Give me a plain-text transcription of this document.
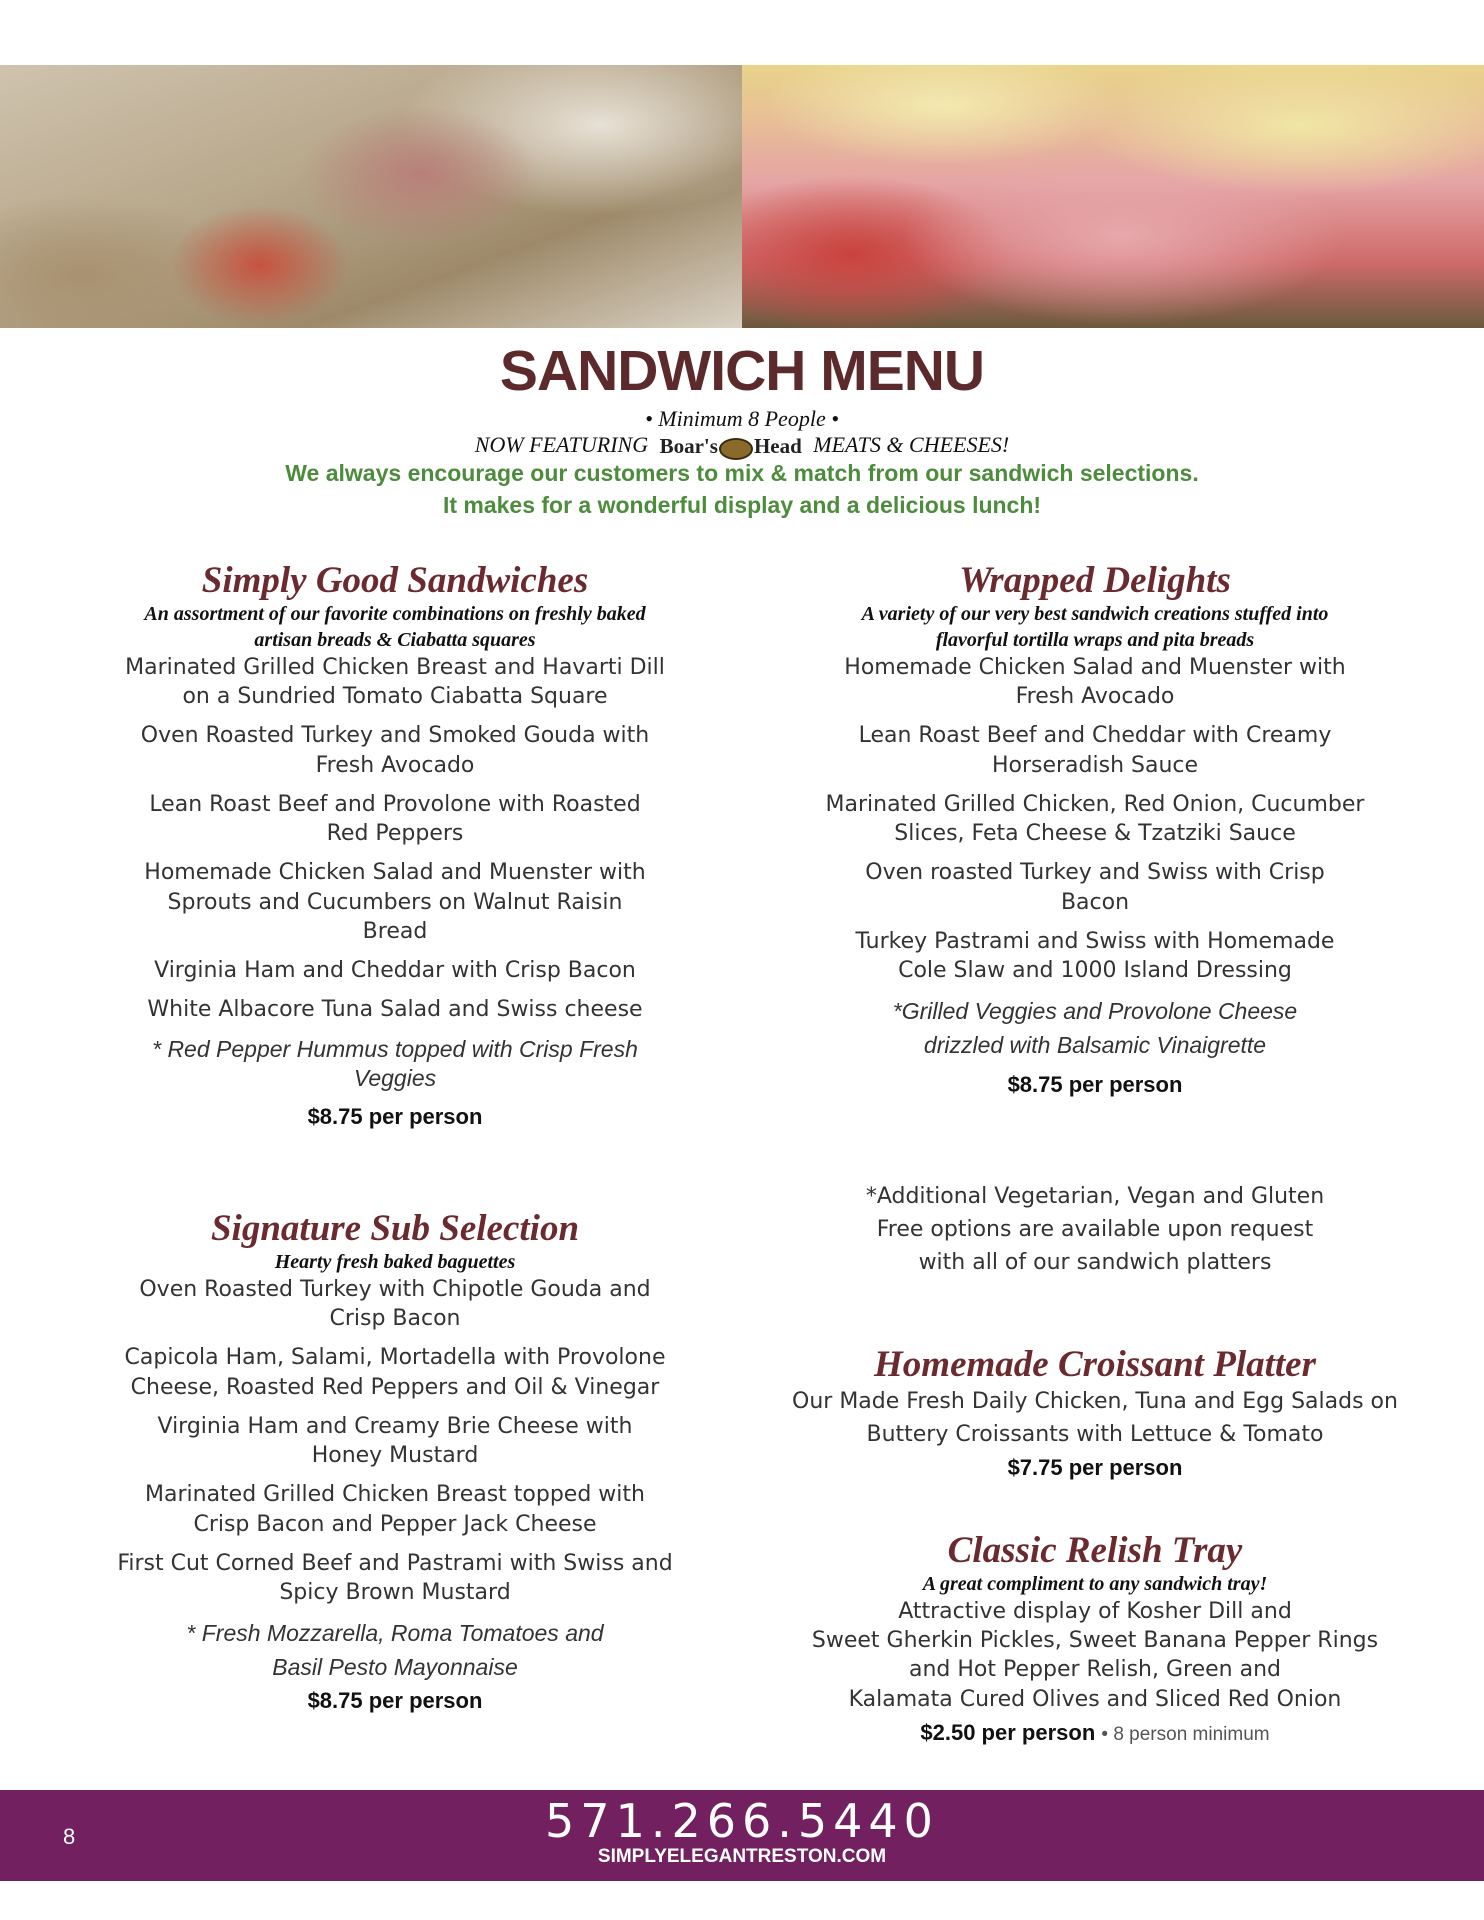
SANDWICH MENU
• Minimum 8 People •
NOW FEATURING Boar's Head MEATS & CHEESES!
We always encourage our customers to mix & match from our sandwich selections.
It makes for a wonderful display and a delicious lunch!
Simply Good Sandwiches

An assortment of our favorite combinations on freshly baked

artisan breads & Ciabatta squares

Marinated Grilled Chicken Breast and Havarti Dill on a Sundried Tomato Ciabatta Square

Oven Roasted Turkey and Smoked Gouda with Fresh Avocado

Lean Roast Beef and Provolone with Roasted Red Peppers

Homemade Chicken Salad and Muenster with Sprouts and Cucumbers on Walnut Raisin Bread

Virginia Ham and Cheddar with Crisp Bacon

White Albacore Tuna Salad and Swiss cheese

* Red Pepper Hummus topped with Crisp Fresh Veggies

$8.75 per person

Wrapped Delights

A variety of our very best sandwich creations stuffed into

flavorful tortilla wraps and pita breads

Homemade Chicken Salad and Muenster with Fresh Avocado

Lean Roast Beef and Cheddar with Creamy Horseradish Sauce

Marinated Grilled Chicken, Red Onion, Cucumber Slices, Feta Cheese & Tzatziki Sauce

Oven roasted Turkey and Swiss with Crisp Bacon

Turkey Pastrami and Swiss with Homemade Cole Slaw and 1000 Island Dressing

*Grilled Veggies and Provolone Cheese drizzled with Balsamic Vinaigrette

$8.75 per person

*Additional Vegetarian, Vegan and Gluten Free options are available upon request with all of our sandwich platters

Signature Sub Selection

Hearty fresh baked baguettes

Oven Roasted Turkey with Chipotle Gouda and Crisp Bacon

Capicola Ham, Salami, Mortadella with Provolone Cheese, Roasted Red Peppers and Oil & Vinegar

Virginia Ham and Creamy Brie Cheese with Honey Mustard

Marinated Grilled Chicken Breast topped with Crisp Bacon and Pepper Jack Cheese

First Cut Corned Beef and Pastrami with Swiss and Spicy Brown Mustard

* Fresh Mozzarella, Roma Tomatoes and Basil Pesto Mayonnaise

$8.75 per person

Homemade Croissant Platter

Our Made Fresh Daily Chicken, Tuna and Egg Salads on Buttery Croissants with Lettuce & Tomato

$7.75 per person

Classic Relish Tray

A great compliment to any sandwich tray!

Attractive display of Kosher Dill and

Sweet Gherkin Pickles, Sweet Banana Pepper Rings

and Hot Pepper Relish, Green and

Kalamata Cured Olives and Sliced Red Onion

$2.50 per person • 8 person minimum

8	571.266.5440
SIMPLYELEGANTRESTON.COM
